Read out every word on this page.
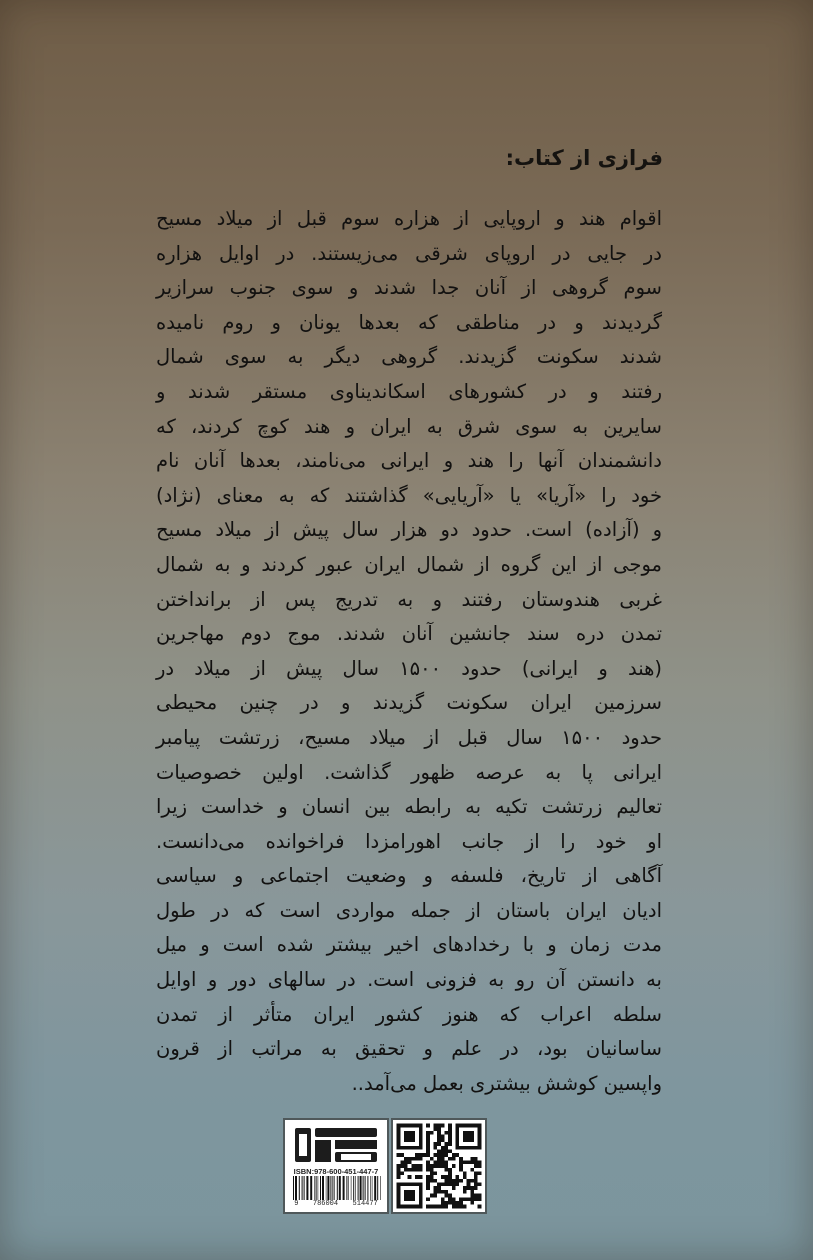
فرازی از کتاب:
اقوام هند و اروپایی از هزاره سوم قبل از میلاد مسیح
در جایی در اروپای شرقی می‌زیستند. در اوایل هزاره
سوم گروهی از آنان جدا شدند و سوی جنوب سرازیر
گردیدند و در مناطقی که بعدها یونان و روم نامیده
شدند سکونت گزیدند. گروهی دیگر به سوی شمال
رفتند و در کشورهای اسکاندیناوی مستقر شدند و
سایرین به سوی شرق به ایران و هند کوچ کردند، که
دانشمندان آنها را هند و ایرانی می‌نامند، بعدها آنان نام
خود را «آریا» یا «آریایی» گذاشتند که به معنای (نژاد)
و (آزاده) است. حدود دو هزار سال پیش از میلاد مسیح
موجی از این گروه از شمال ایران عبور کردند و به شمال
غربی هندوستان رفتند و به تدریج پس از برانداختن
تمدن دره سند جانشین آنان شدند. موج دوم مهاجرین
(هند و ایرانی) حدود ۱۵۰۰ سال پیش از میلاد در
سرزمین ایران سکونت گزیدند و در چنین محیطی
حدود ۱۵۰۰ سال قبل از میلاد مسیح، زرتشت پیامبر
ایرانی پا به عرصه ظهور گذاشت. اولین خصوصیات
تعالیم زرتشت تکیه به رابطه بین انسان و خداست زیرا
او خود را از جانب اهورامزدا فراخوانده می‌دانست.
آگاهی از تاریخ، فلسفه و وضعیت اجتماعی و سیاسی
ادیان ایران باستان از جمله مواردی است که در طول
مدت زمان و با رخدادهای اخیر بیشتر شده است و میل
به دانستن آن رو به فزونی است. در سالهای دور و اوایل
سلطه اعراب که هنوز کشور ایران متأثر از تمدن
ساسانیان بود، در علم و تحقیق به مراتب از قرون
واپسین کوشش بیشتری بعمل می‌آمد..
ISBN:978-600-451-447-7
9 786004 514477
